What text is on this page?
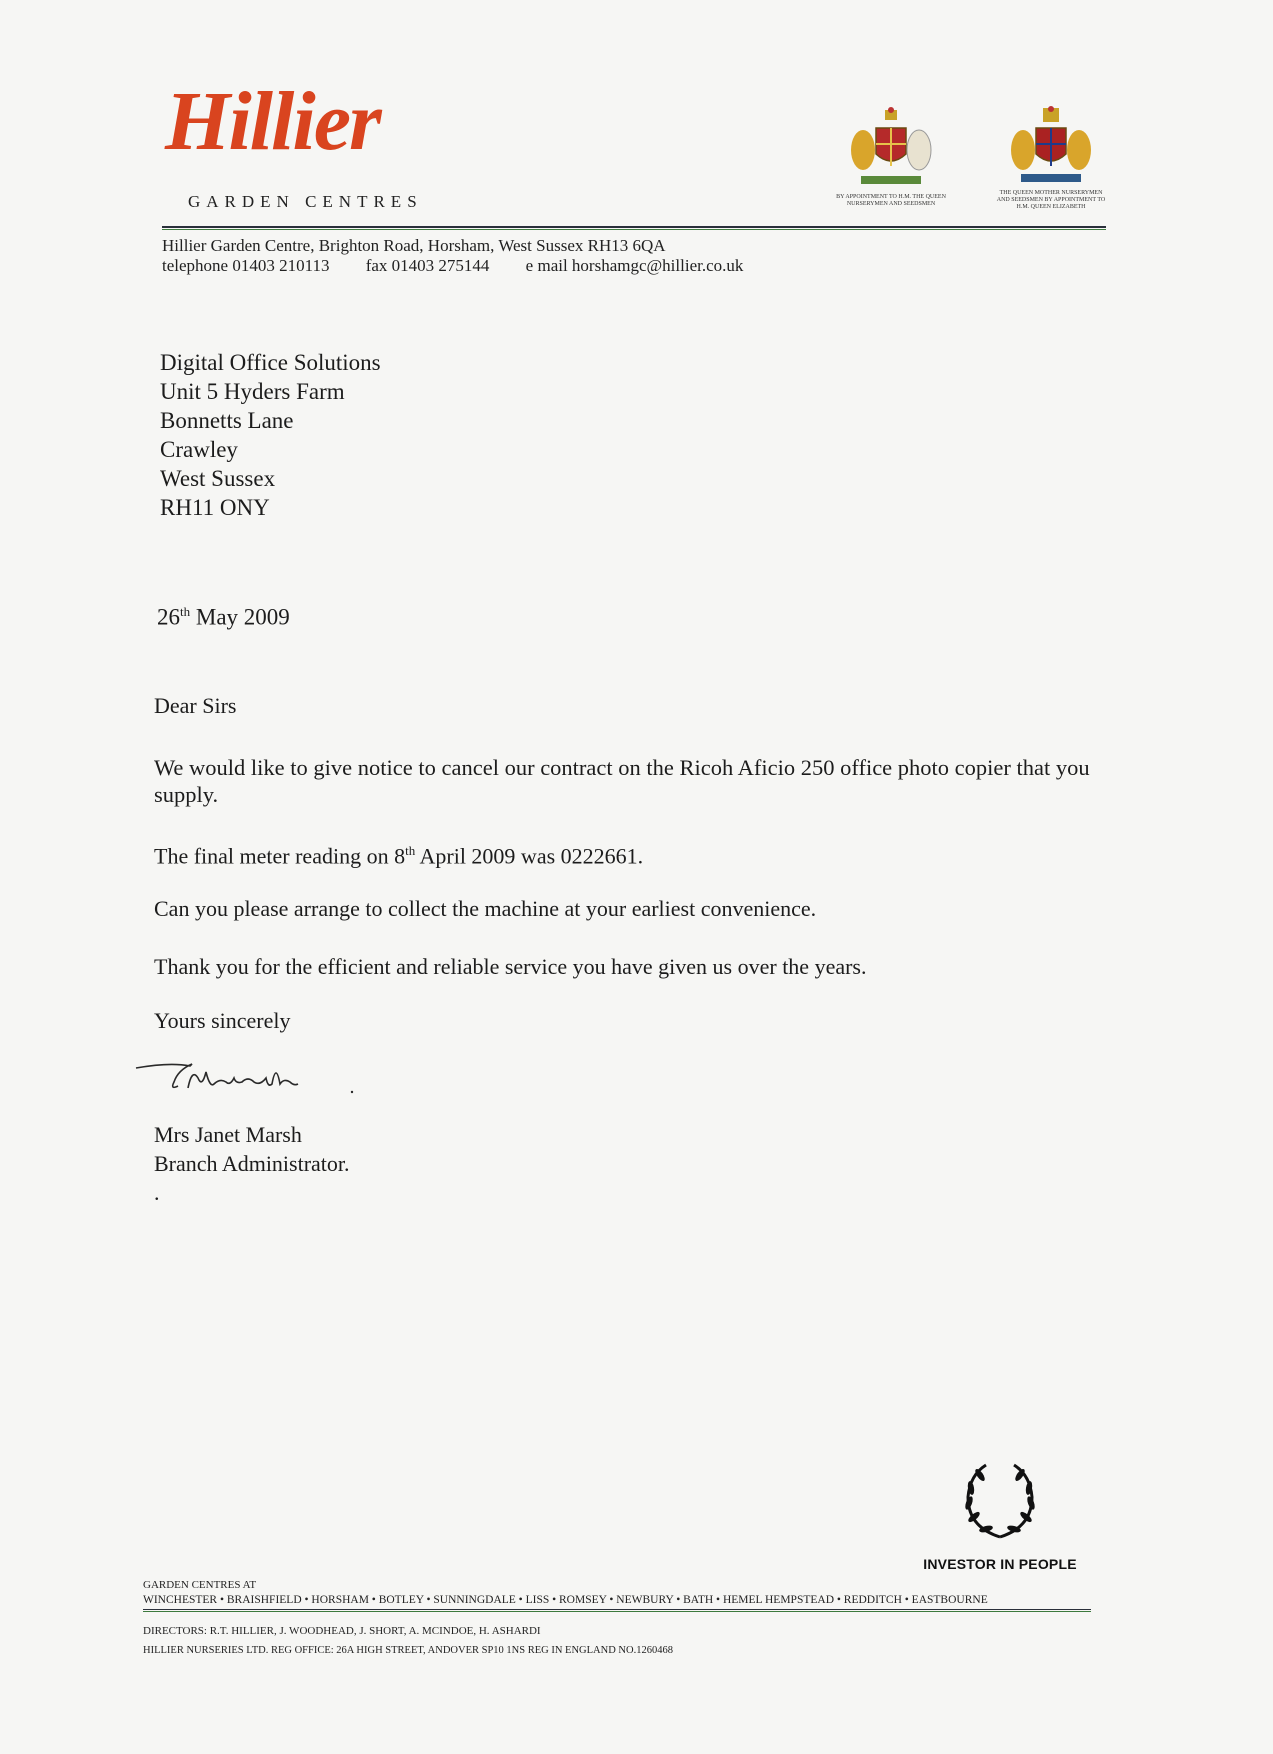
Hillier
GARDEN CENTRES	BY APPOINTMENT TO H.M. THE QUEEN NURSERYMEN AND SEEDSMEN
THE QUEEN MOTHER NURSERYMEN AND SEEDSMEN BY APPOINTMENT TO H.M. QUEEN ELIZABETH
Hillier Garden Centre, Brighton Road, Horsham, West Sussex RH13 6QA
telephone 01403 210113 fax 01403 275144 e mail horshamgc@hillier.co.uk
Digital Office Solutions
Unit 5 Hyders Farm
Bonnetts Lane
Crawley
West Sussex
RH11 ONY
26th May 2009
Dear Sirs
We would like to give notice to cancel our contract on the Ricoh Aficio 250 office photo copier that you supply.
The final meter reading on 8th April 2009 was 0222661.
Can you please arrange to collect the machine at your earliest convenience.
Thank you for the efficient and reliable service you have given us over the years.
Yours sincerely
Mrs Janet Marsh
Branch Administrator.
.
INVESTOR IN PEOPLE
GARDEN CENTRES AT
WINCHESTER • BRAISHFIELD • HORSHAM • BOTLEY • SUNNINGDALE • LISS • ROMSEY • NEWBURY • BATH • HEMEL HEMPSTEAD • REDDITCH • EASTBOURNE
DIRECTORS: R.T. HILLIER, J. WOODHEAD, J. SHORT, A. MCINDOE, H. ASHARDI
HILLIER NURSERIES LTD. REG OFFICE: 26A HIGH STREET, ANDOVER SP10 1NS REG IN ENGLAND NO.1260468
